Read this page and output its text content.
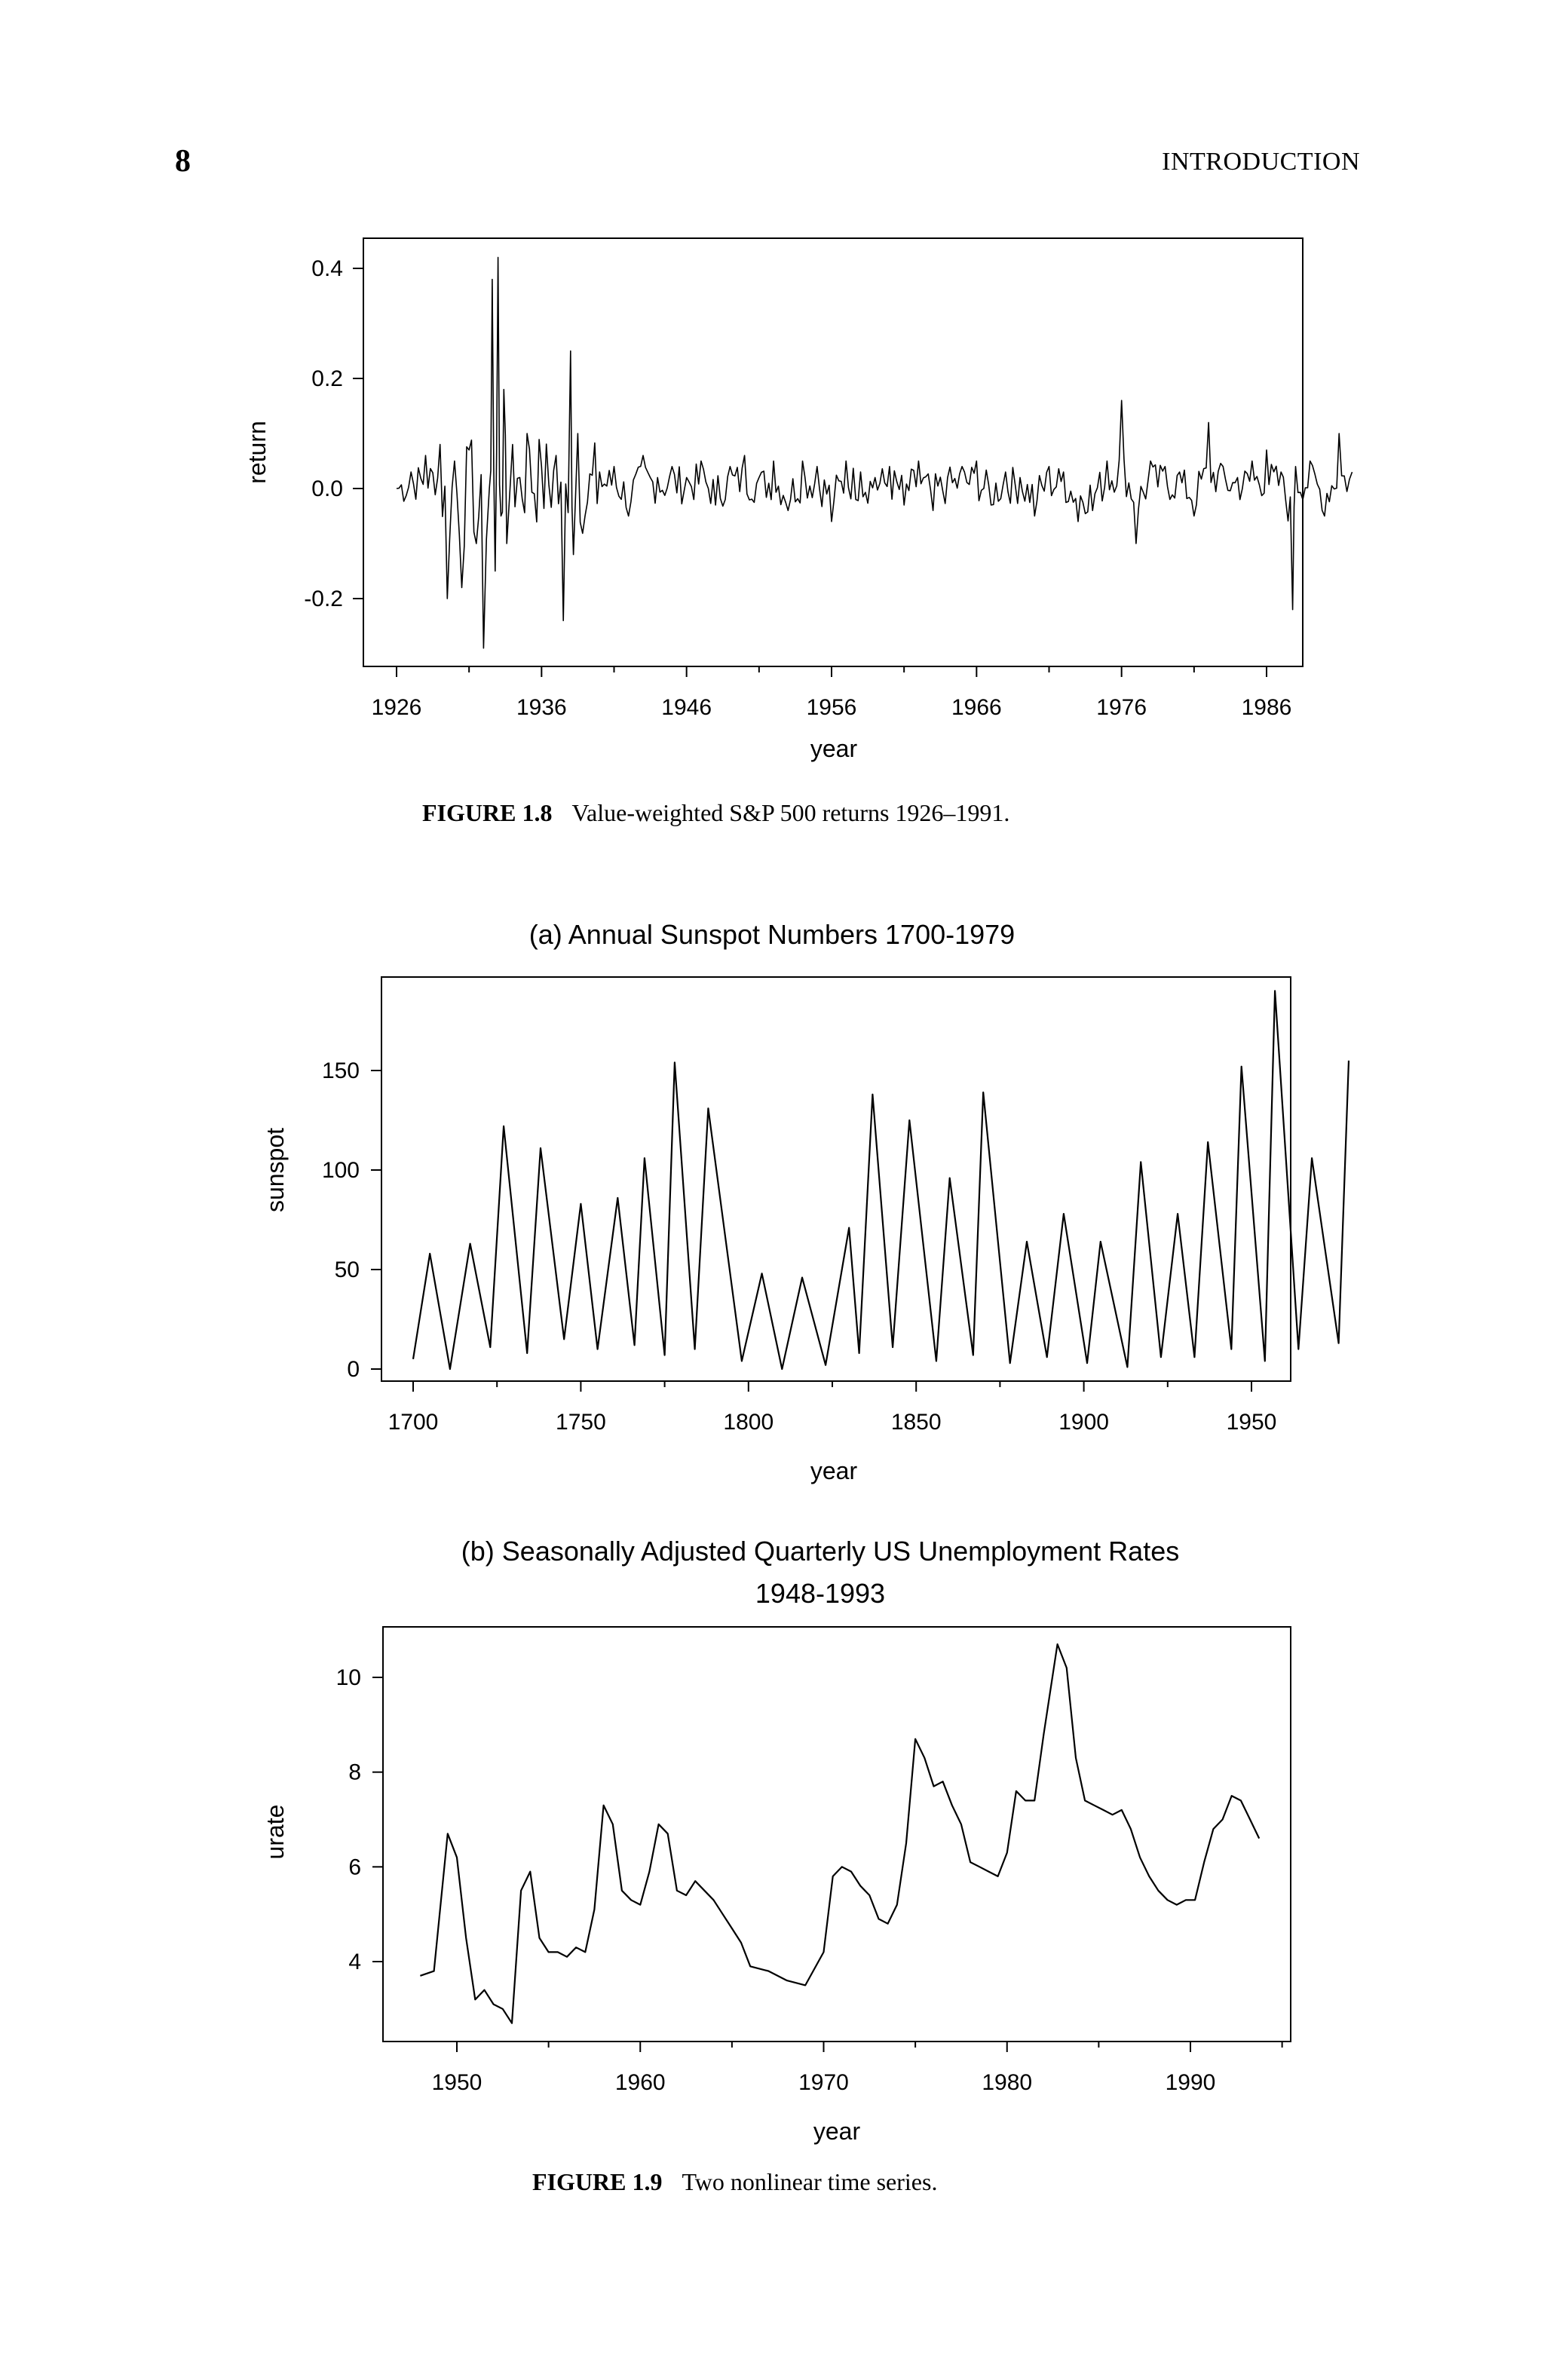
8	INTRODUCTION
return
year
0.4
0.2
0.0
-0.2
1926	1936	1946	1956	1966	1976	1986
(a) Annual Sunspot Numbers 1700-1979
sunspot
year
150
100
50
0
1700	1750	1800	1850	1900	1950
(b) Seasonally Adjusted Quarterly US Unemployment Rates
1948-1993
urate
year
10
8
6
4
1950	1960	1970	1980	1990
FIGURE 1.8 Value-weighted S&P 500 returns 1926–1991.
FIGURE 1.9 Two nonlinear time series.
